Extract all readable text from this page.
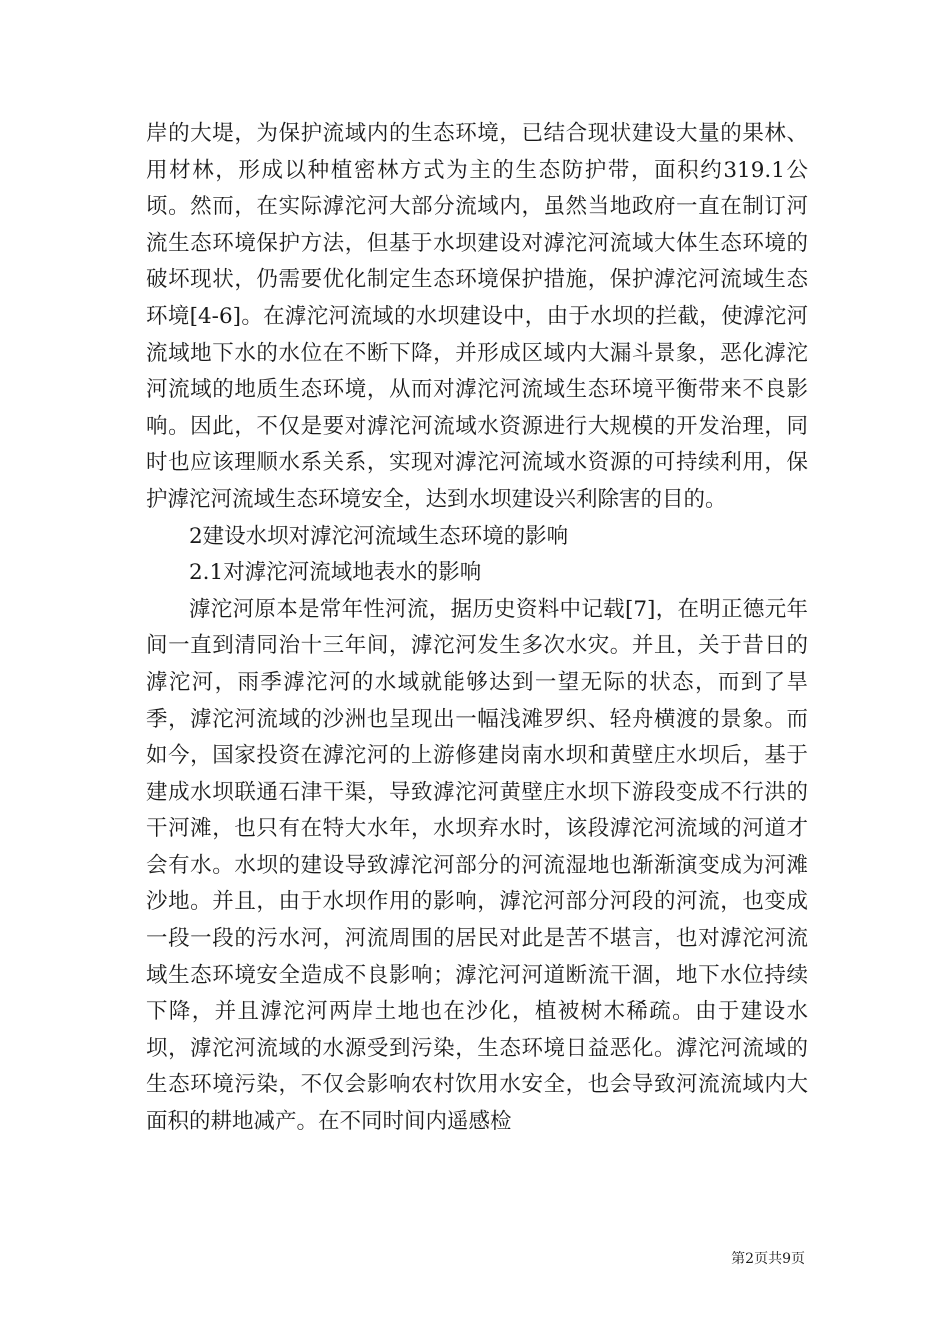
岸的大堤，为保护流域内的生态环境，已结合现状建设大量的果林、用材林，形成以种植密林方式为主的生态防护带，面积约319.1公顷。然而，在实际滹沱河大部分流域内，虽然当地政府一直在制订河流生态环境保护方法，但基于水坝建设对滹沱河流域大体生态环境的破坏现状，仍需要优化制定生态环境保护措施，保护滹沱河流域生态环境[4-6]。在滹沱河流域的水坝建设中，由于水坝的拦截，使滹沱河流域地下水的水位在不断下降，并形成区域内大漏斗景象，恶化滹沱河流域的地质生态环境，从而对滹沱河流域生态环境平衡带来不良影响。因此，不仅是要对滹沱河流域水资源进行大规模的开发治理，同时也应该理顺水系关系，实现对滹沱河流域水资源的可持续利用，保护滹沱河流域生态环境安全，达到水坝建设兴利除害的目的。

2建设水坝对滹沱河流域生态环境的影响

2.1对滹沱河流域地表水的影响

滹沱河原本是常年性河流，据历史资料中记载[7]，在明正德元年间一直到清同治十三年间，滹沱河发生多次水灾。并且，关于昔日的滹沱河，雨季滹沱河的水域就能够达到一望无际的状态，而到了旱季，滹沱河流域的沙洲也呈现出一幅浅滩罗织、轻舟横渡的景象。而如今，国家投资在滹沱河的上游修建岗南水坝和黄壁庄水坝后，基于建成水坝联通石津干渠，导致滹沱河黄壁庄水坝下游段变成不行洪的干河滩，也只有在特大水年，水坝弃水时，该段滹沱河流域的河道才会有水。水坝的建设导致滹沱河部分的河流湿地也渐渐演变成为河滩沙地。并且，由于水坝作用的影响，滹沱河部分河段的河流，也变成一段一段的污水河，河流周围的居民对此是苦不堪言，也对滹沱河流域生态环境安全造成不良影响；滹沱河河道断流干涸，地下水位持续下降，并且滹沱河两岸土地也在沙化，植被树木稀疏。由于建设水坝，滹沱河流域的水源受到污染，生态环境日益恶化。滹沱河流域的生态环境污染，不仅会影响农村饮用水安全，也会导致河流流域内大面积的耕地减产。在不同时间内遥感检

第2页共9页
